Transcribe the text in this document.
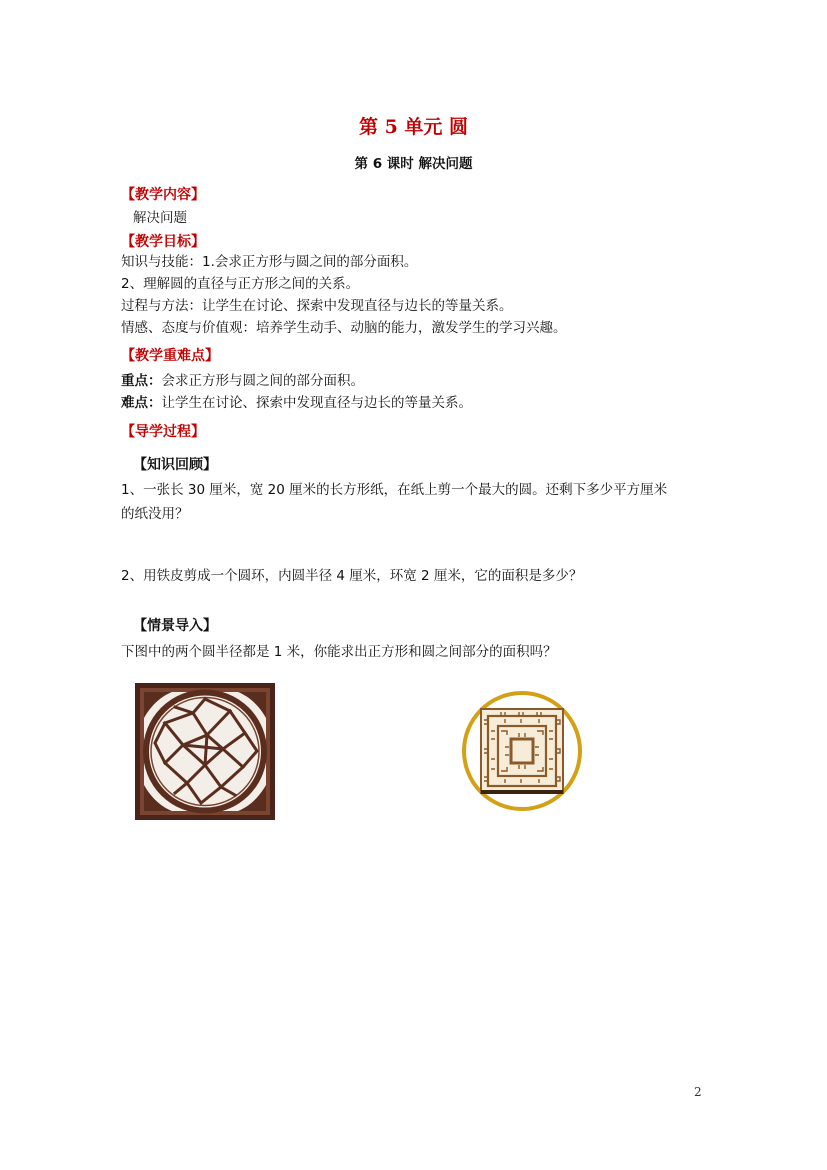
第 5 单元 圆
第 6 课时 解决问题
【教学内容】
解决问题
【教学目标】
知识与技能：1.会求正方形与圆之间的部分面积。
2、理解圆的直径与正方形之间的关系。
过程与方法：让学生在讨论、探索中发现直径与边长的等量关系。
情感、态度与价值观：培养学生动手、动脑的能力，激发学生的学习兴趣。
【教学重难点】
重点：会求正方形与圆之间的部分面积。
难点：让学生在讨论、探索中发现直径与边长的等量关系。
【导学过程】
【知识回顾】
1、一张长 30 厘米，宽 20 厘米的长方形纸，在纸上剪一个最大的圆。还剩下多少平方厘米
的纸没用？
2、用铁皮剪成一个圆环，内圆半径 4 厘米，环宽 2 厘米，它的面积是多少？
【情景导入】
下图中的两个圆半径都是 1 米，你能求出正方形和圆之间部分的面积吗？
2
